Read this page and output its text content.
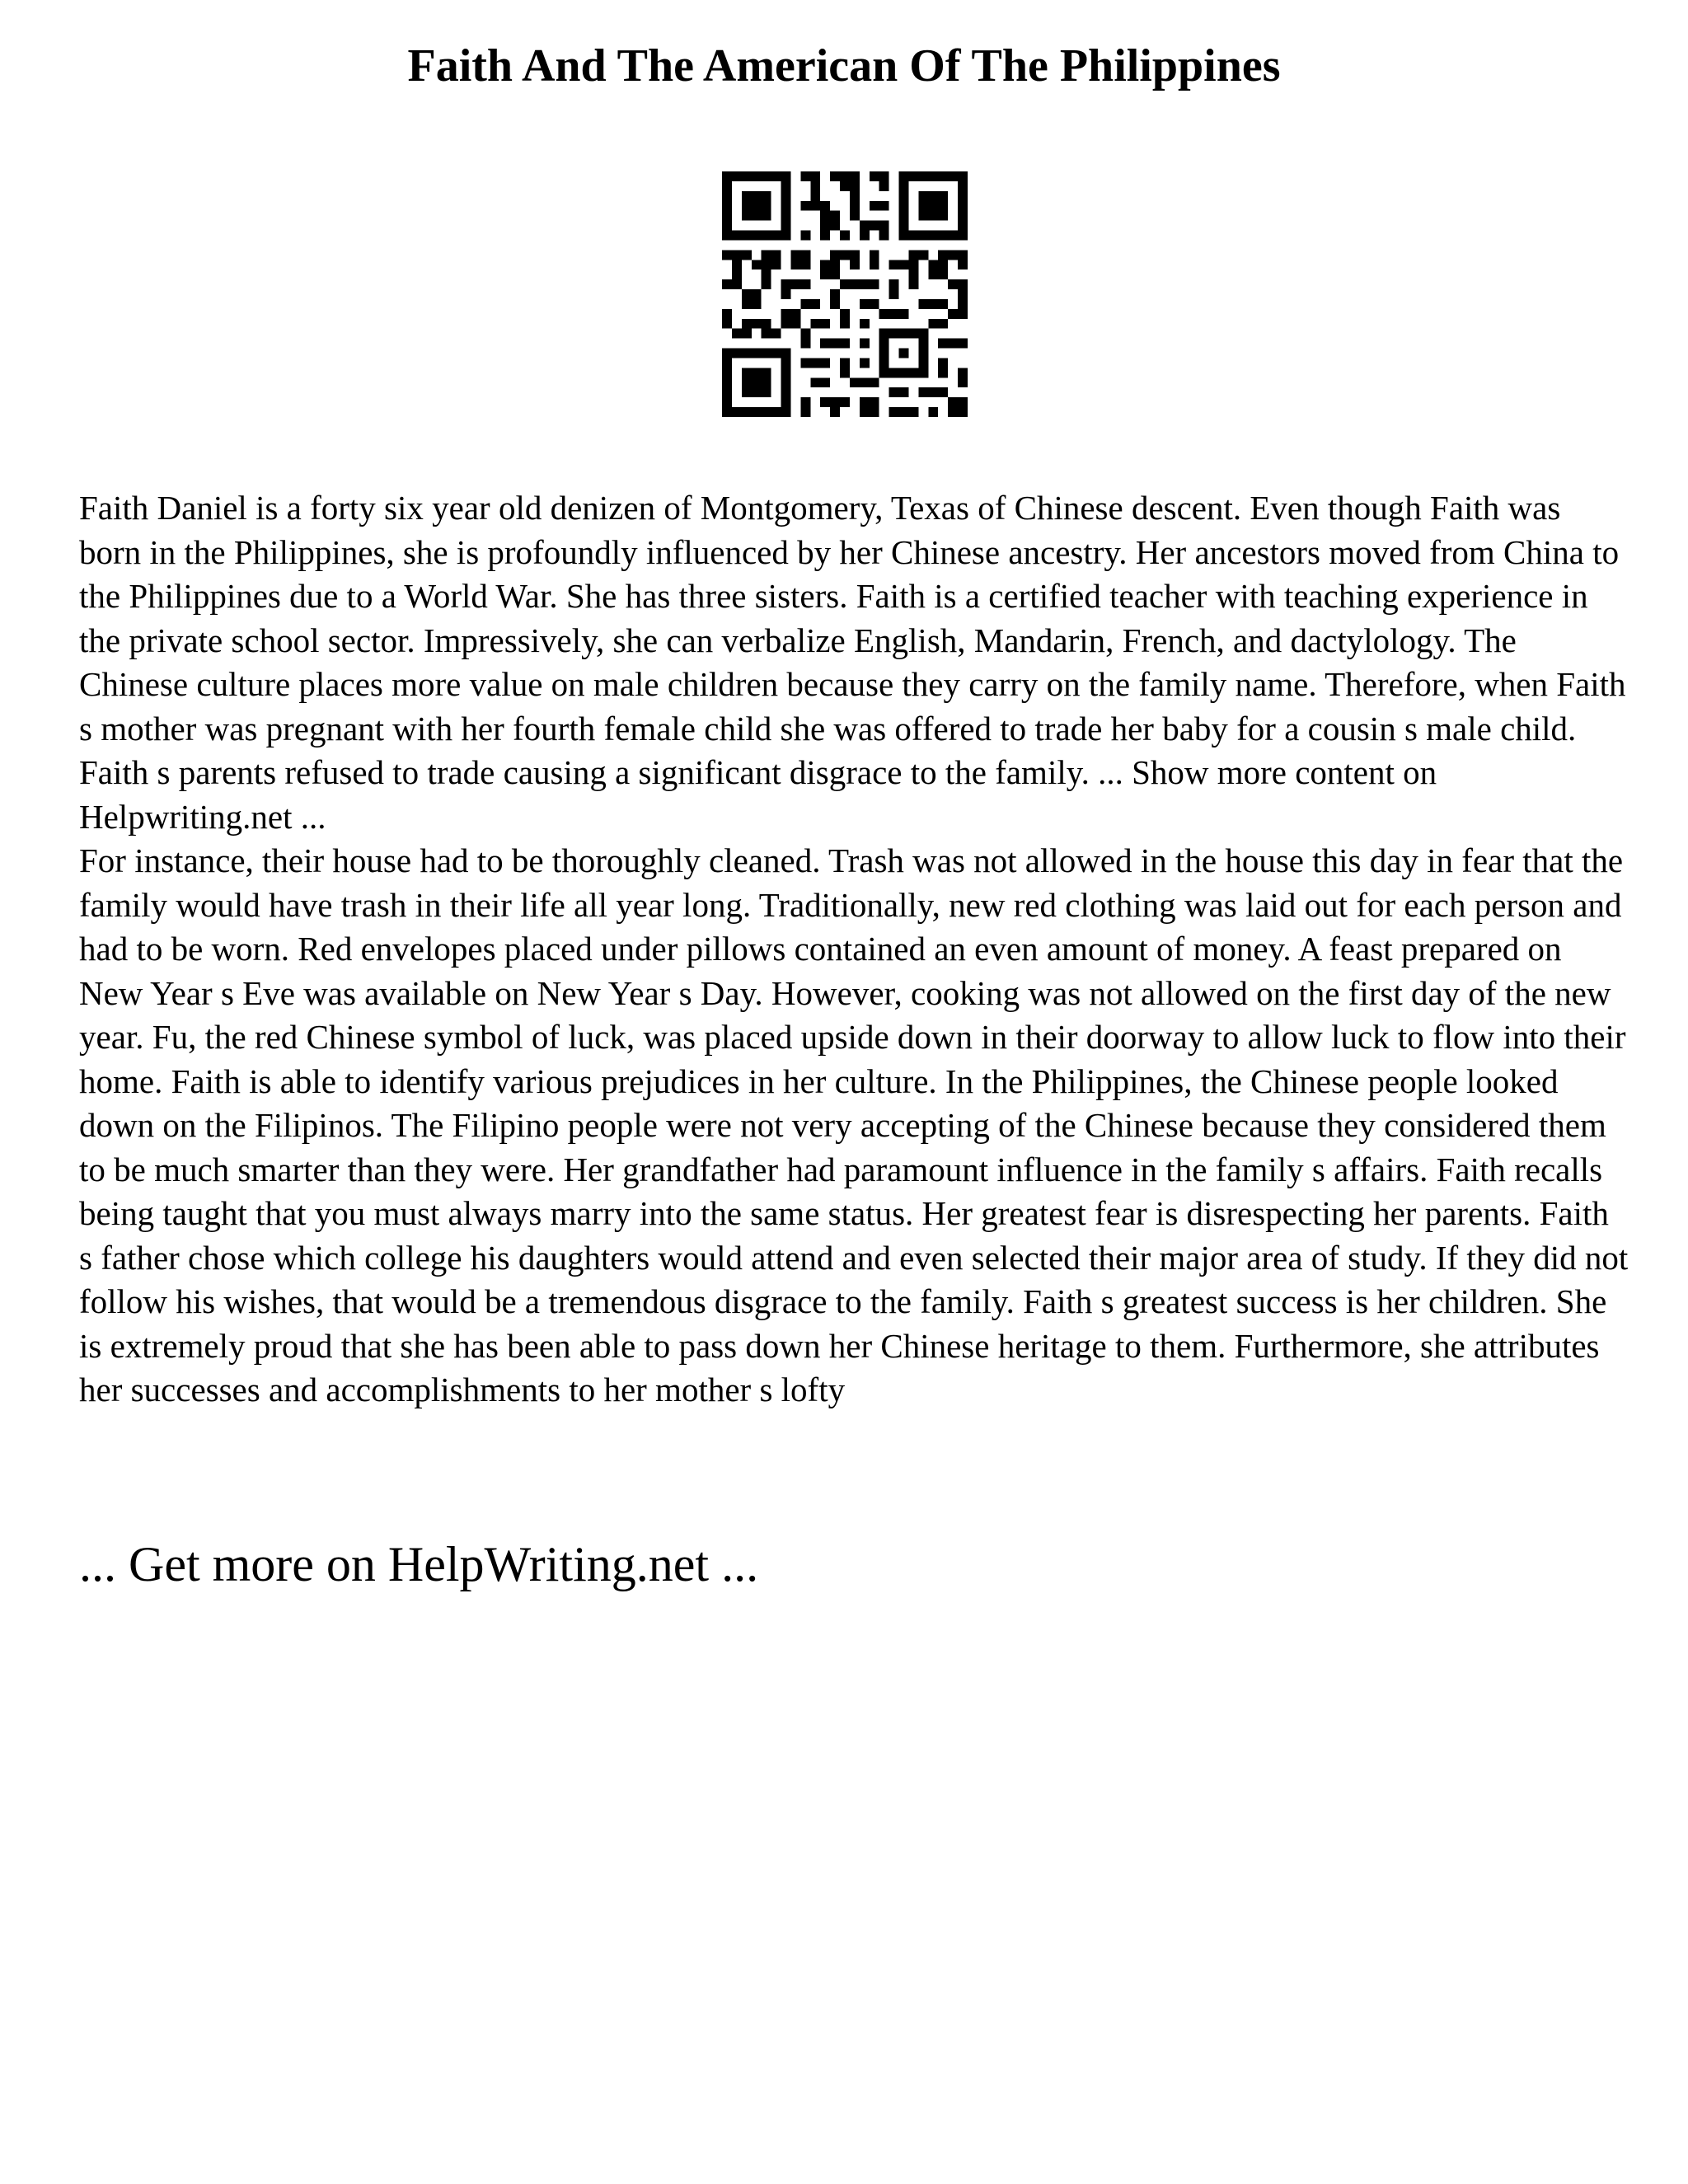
Faith And The American Of The Philippines

Faith Daniel is a forty six year old denizen of Montgomery, Texas of Chinese descent. Even though Faith was born in the Philippines, she is profoundly influenced by her Chinese ancestry. Her ancestors moved from China to the Philippines due to a World War. She has three sisters. Faith is a certified teacher with teaching experience in the private school sector. Impressively, she can verbalize English, Mandarin, French, and dactylology. The Chinese culture places more value on male children because they carry on the family name. Therefore, when Faith s mother was pregnant with her fourth female child she was offered to trade her baby for a cousin s male child. Faith s parents refused to trade causing a significant disgrace to the family. ... Show more content on Helpwriting.net ...

For instance, their house had to be thoroughly cleaned. Trash was not allowed in the house this day in fear that the family would have trash in their life all year long. Traditionally, new red clothing was laid out for each person and had to be worn. Red envelopes placed under pillows contained an even amount of money. A feast prepared on New Year s Eve was available on New Year s Day. However, cooking was not allowed on the first day of the new year. Fu, the red Chinese symbol of luck, was placed upside down in their doorway to allow luck to flow into their home. Faith is able to identify various prejudices in her culture. In the Philippines, the Chinese people looked down on the Filipinos. The Filipino people were not very accepting of the Chinese because they considered them to be much smarter than they were. Her grandfather had paramount influence in the family s affairs. Faith recalls being taught that you must always marry into the same status. Her greatest fear is disrespecting her parents. Faith s father chose which college his daughters would attend and even selected their major area of study. If they did not follow his wishes, that would be a tremendous disgrace to the family. Faith s greatest success is her children. She is extremely proud that she has been able to pass down her Chinese heritage to them. Furthermore, she attributes her successes and accomplishments to her mother s lofty

... Get more on HelpWriting.net ...
